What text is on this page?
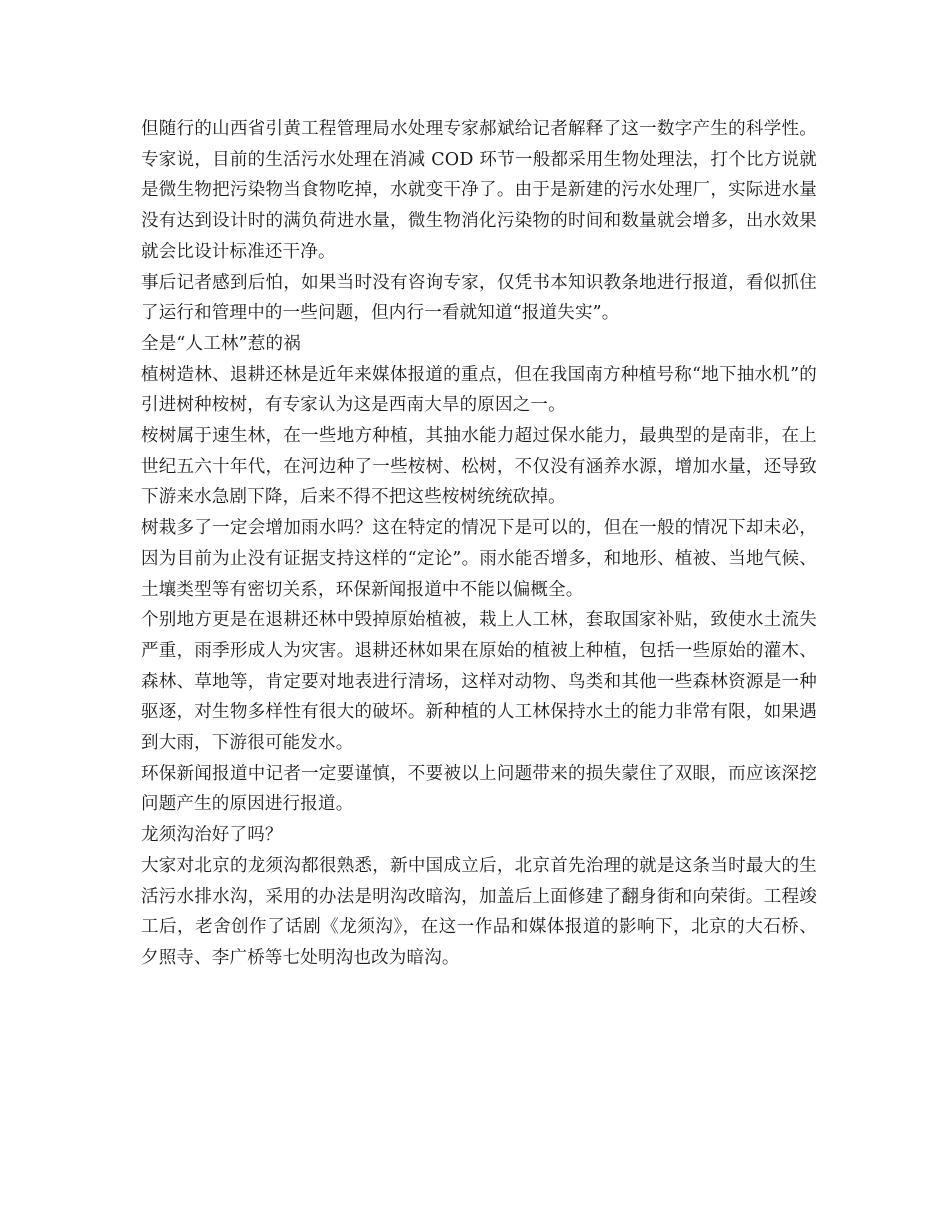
但随行的山西省引黄工程管理局水处理专家郝斌给记者解释了这一数字产生的科学性。专家说，目前的生活污水处理在消减 COD 环节一般都采用生物处理法，打个比方说就是微生物把污染物当食物吃掉，水就变干净了。由于是新建的污水处理厂，实际进水量没有达到设计时的满负荷进水量，微生物消化污染物的时间和数量就会增多，出水效果就会比设计标准还干净。

事后记者感到后怕，如果当时没有咨询专家，仅凭书本知识教条地进行报道，看似抓住了运行和管理中的一些问题，但内行一看就知道“报道失实”。

全是“人工林”惹的祸

植树造林、退耕还林是近年来媒体报道的重点，但在我国南方种植号称“地下抽水机”的引进树种桉树，有专家认为这是西南大旱的原因之一。

桉树属于速生林，在一些地方种植，其抽水能力超过保水能力，最典型的是南非，在上世纪五六十年代，在河边种了一些桉树、松树，不仅没有涵养水源，增加水量，还导致下游来水急剧下降，后来不得不把这些桉树统统砍掉。

树栽多了一定会增加雨水吗？这在特定的情况下是可以的，但在一般的情况下却未必，因为目前为止没有证据支持这样的“定论”。雨水能否增多，和地形、植被、当地气候、土壤类型等有密切关系，环保新闻报道中不能以偏概全。

个别地方更是在退耕还林中毁掉原始植被，栽上人工林，套取国家补贴，致使水土流失严重，雨季形成人为灾害。退耕还林如果在原始的植被上种植，包括一些原始的灌木、森林、草地等，肯定要对地表进行清场，这样对动物、鸟类和其他一些森林资源是一种驱逐，对生物多样性有很大的破坏。新种植的人工林保持水土的能力非常有限，如果遇到大雨，下游很可能发水。

环保新闻报道中记者一定要谨慎，不要被以上问题带来的损失蒙住了双眼，而应该深挖问题产生的原因进行报道。

龙须沟治好了吗？

大家对北京的龙须沟都很熟悉，新中国成立后，北京首先治理的就是这条当时最大的生活污水排水沟，采用的办法是明沟改暗沟，加盖后上面修建了翻身街和向荣街。工程竣工后，老舍创作了话剧《龙须沟》，在这一作品和媒体报道的影响下，北京的大石桥、夕照寺、李广桥等七处明沟也改为暗沟。
